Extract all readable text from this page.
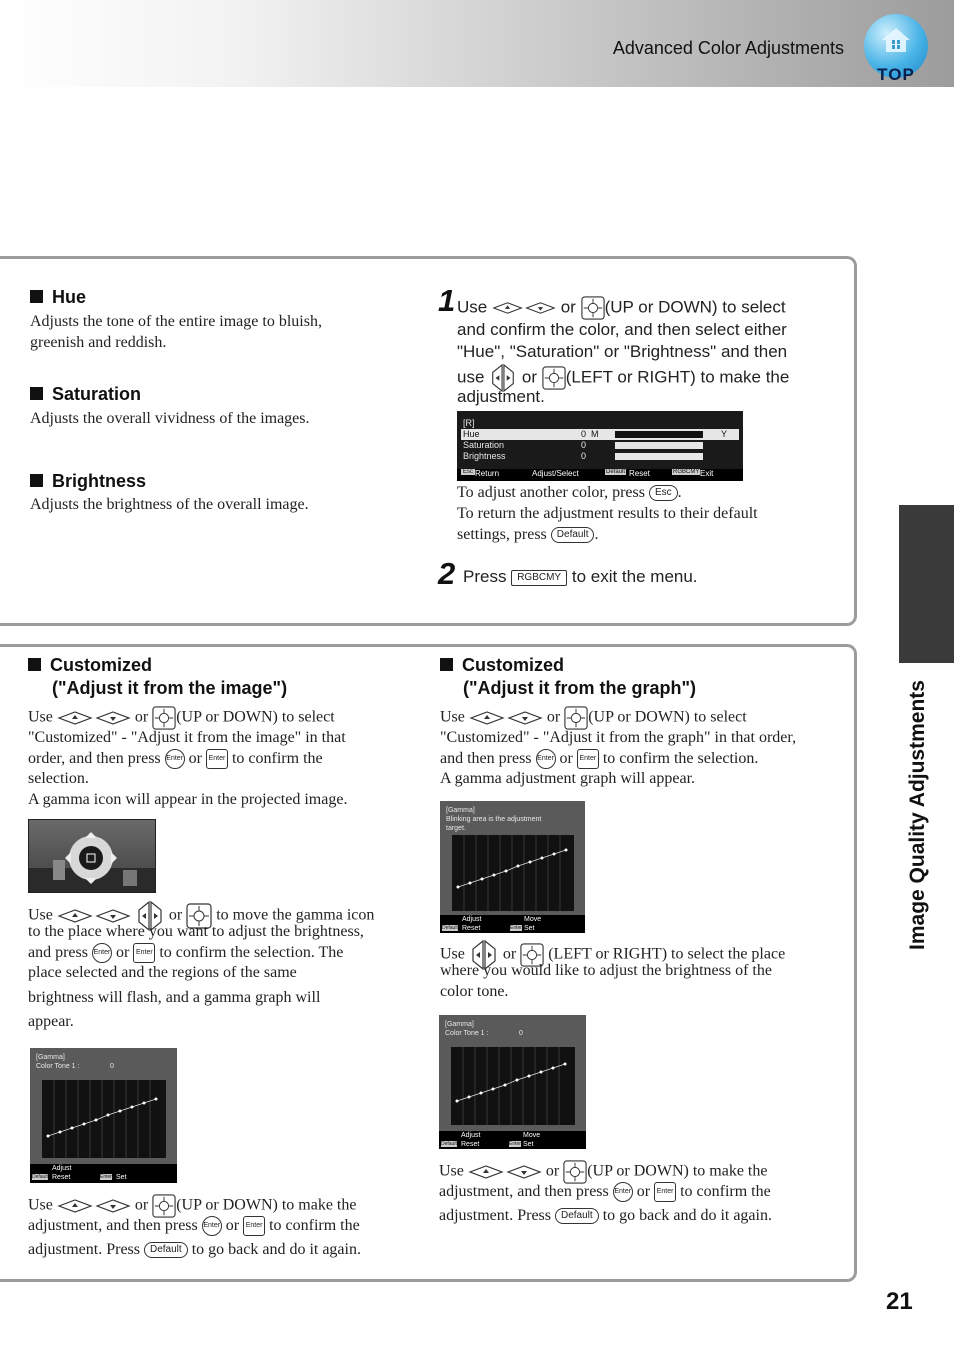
Advanced Color Adjustments
TOP
Image Quality Adjustments
21
Hue
Adjusts the tone of the entire image to bluish,
greenish and reddish.
Saturation
Adjusts the overall vividness of the images.
Brightness
Adjusts the brightness of the overall image.
1 Use	or (UP or DOWN) to select
and confirm the color, and then select either
"Hue", "Saturation" or "Brightness" and then
use or (LEFT or RIGHT) to make the
adjustment.
[R]
Hue	0 M	Y
Saturation	0
Brightness	0
Esc Return	Adjust/Select	Default Reset	RGBCMY Exit
To adjust another color, press Esc .
To return the adjustment results to their default
settings, press Default .
2 Press RGBCMY to exit the menu.
Customized
("Adjust it from the image")
Use	or (UP or DOWN) to select
"Customized" - "Adjust it from the image" in that
order, and then press Enter or Enter to confirm the
selection.
A gamma icon will appear in the projected image.
Use	or to move the gamma icon
to the place where you want to adjust the brightness,
and press Enter or Enter to confirm the selection. The
place selected and the regions of the same
brightness will flash, and a gamma graph will
appear.
[Gamma]
Color Tone 1 :	0
Adjust
Default Reset	Enter Set
Use	or (UP or DOWN) to make the
adjustment, and then press Enter or Enter to confirm the
adjustment. Press Default to go back and do it again.
Customized
("Adjust it from the graph")
Use	or (UP or DOWN) to select
"Customized" - "Adjust it from the graph" in that order,
and then press Enter or Enter to confirm the selection.
A gamma adjustment graph will appear.
[Gamma]
Blinking area is the adjustment
target.
Adjust	Move
Default Reset	Enter Set
Use or (LEFT or RIGHT) to select the place
where you would like to adjust the brightness of the
color tone.
[Gamma]
Color Tone 1 :	0
Adjust	Move
Default Reset	Enter Set
Use	or (UP or DOWN) to make the
adjustment, and then press Enter or Enter to confirm the
adjustment. Press Default to go back and do it again.
